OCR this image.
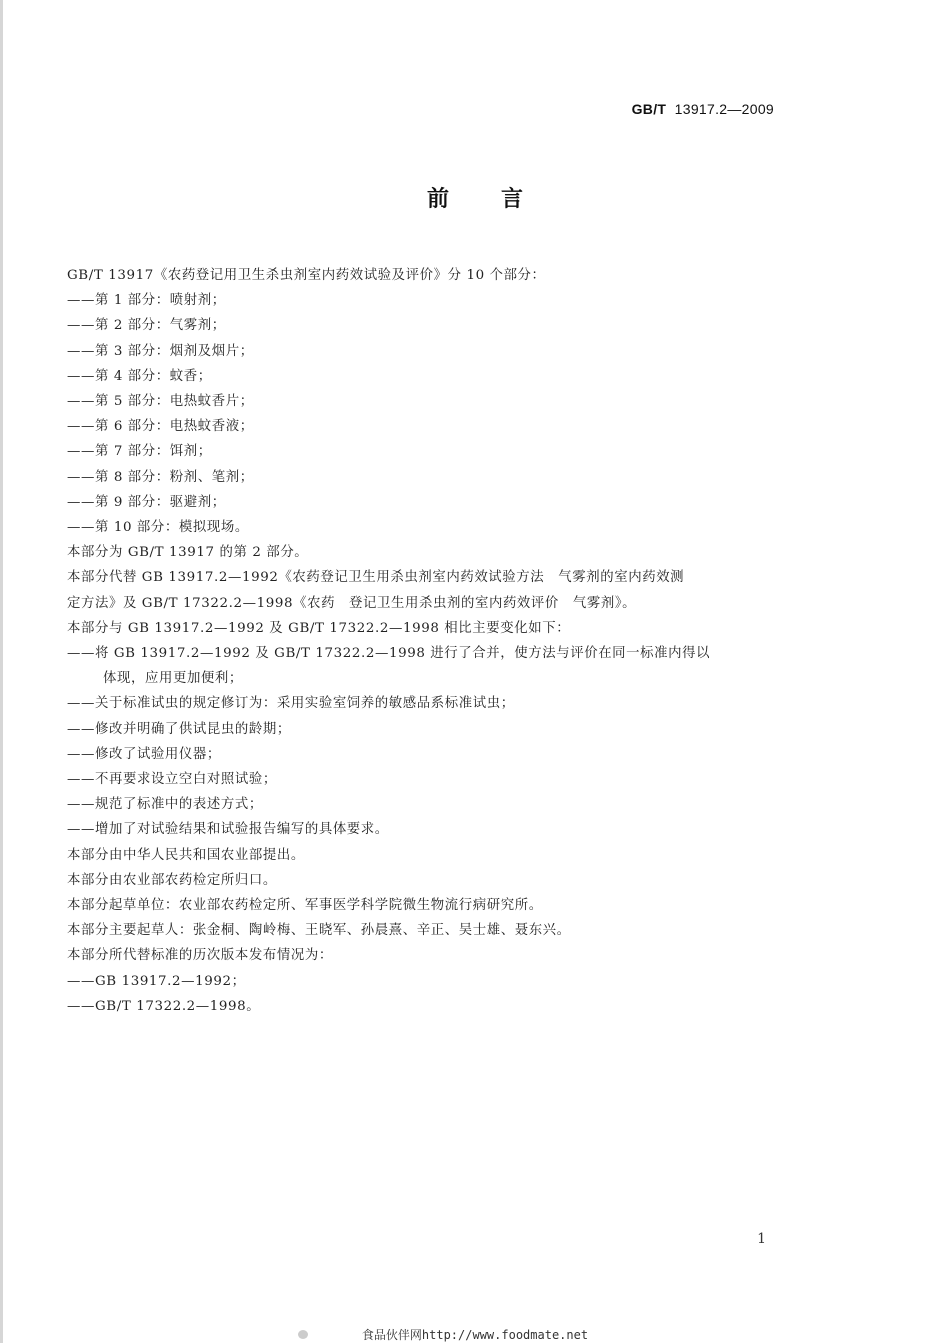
GB/T 13917.2—2009
前言
GB/T 13917《农药登记用卫生杀虫剂室内药效试验及评价》分 10 个部分：
——第 1 部分：喷射剂；
——第 2 部分：气雾剂；
——第 3 部分：烟剂及烟片；
——第 4 部分：蚊香；
——第 5 部分：电热蚊香片；
——第 6 部分：电热蚊香液；
——第 7 部分：饵剂；
——第 8 部分：粉剂、笔剂；
——第 9 部分：驱避剂；
——第 10 部分：模拟现场。
本部分为 GB/T 13917 的第 2 部分。
本部分代替 GB 13917.2—1992《农药登记卫生用杀虫剂室内药效试验方法　气雾剂的室内药效测
定方法》及 GB/T 17322.2—1998《农药　登记卫生用杀虫剂的室内药效评价　气雾剂》。
本部分与 GB 13917.2—1992 及 GB/T 17322.2—1998 相比主要变化如下：
——将 GB 13917.2—1992 及 GB/T 17322.2—1998 进行了合并，使方法与评价在同一标准内得以
体现，应用更加便利；
——关于标准试虫的规定修订为：采用实验室饲养的敏感品系标准试虫；
——修改并明确了供试昆虫的龄期；
——修改了试验用仪器；
——不再要求设立空白对照试验；
——规范了标准中的表述方式；
——增加了对试验结果和试验报告编写的具体要求。
本部分由中华人民共和国农业部提出。
本部分由农业部农药检定所归口。
本部分起草单位：农业部农药检定所、军事医学科学院微生物流行病研究所。
本部分主要起草人：张金桐、陶岭梅、王晓军、孙晨熹、辛正、吴士雄、聂东兴。
本部分所代替标准的历次版本发布情况为：
——GB 13917.2—1992；
——GB/T 17322.2—1998。
1
食品伙伴网http://www.foodmate.net
